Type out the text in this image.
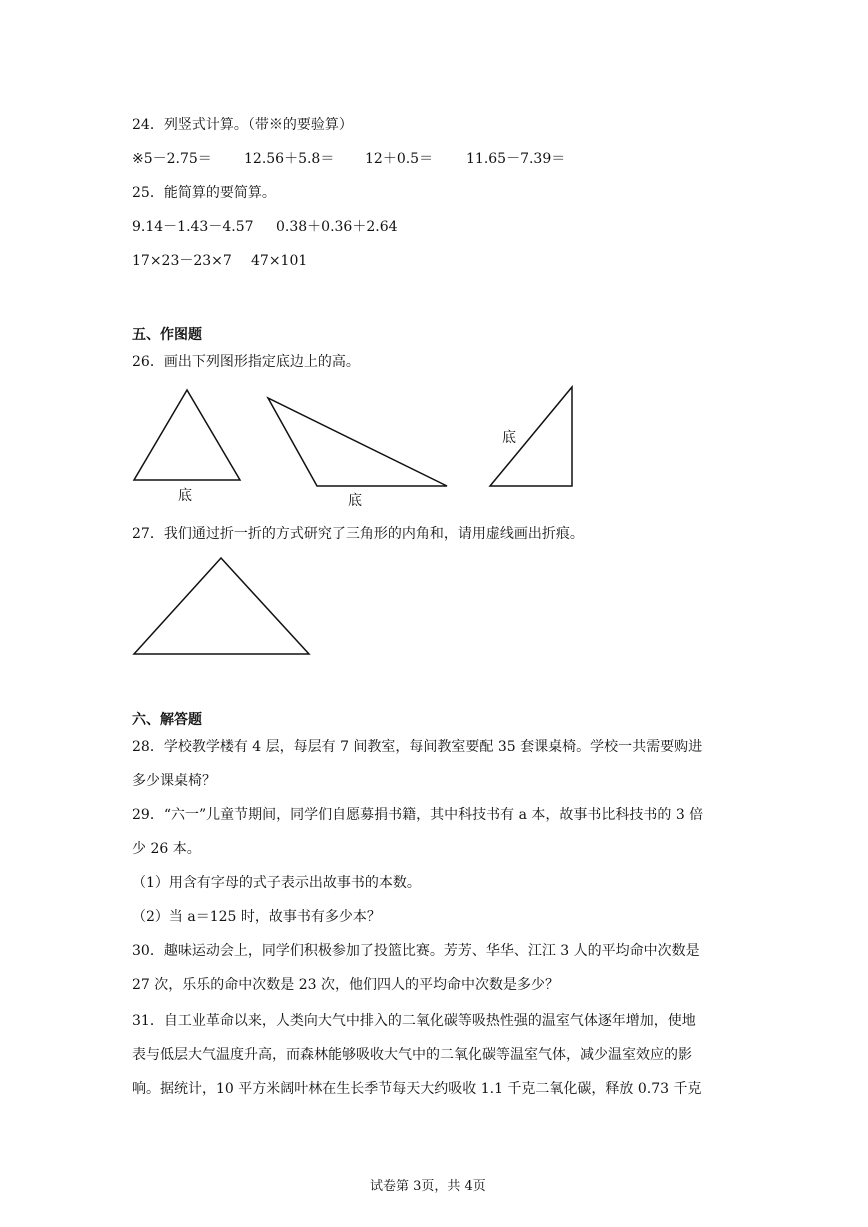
24．列竖式计算。（带※的要验算）
※5－2.75＝ 12.56＋5.8＝ 12＋0.5＝ 11.65－7.39＝
25．能简算的要简算。
9.14－1.43－4.57 0.38＋0.36＋2.64
17×23－23×7 47×101
五、作图题
26．画出下列图形指定底边上的高。
底	底
底
27．我们通过折一折的方式研究了三角形的内角和，请用虚线画出折痕。
六、解答题
28．学校教学楼有 4 层，每层有 7 间教室，每间教室要配 35 套课桌椅。学校一共需要购进
多少课桌椅？
29．“六一”儿童节期间，同学们自愿募捐书籍，其中科技书有 a 本，故事书比科技书的 3 倍
少 26 本。
（1）用含有字母的式子表示出故事书的本数。
（2）当 a＝125 时，故事书有多少本？
30．趣味运动会上，同学们积极参加了投篮比赛。芳芳、华华、江江 3 人的平均命中次数是
27 次，乐乐的命中次数是 23 次，他们四人的平均命中次数是多少？
31．自工业革命以来，人类向大气中排入的二氧化碳等吸热性强的温室气体逐年增加，使地
表与低层大气温度升高，而森林能够吸收大气中的二氧化碳等温室气体，减少温室效应的影
响。据统计，10 平方米阔叶林在生长季节每天大约吸收 1.1 千克二氧化碳，释放 0.73 千克
试卷第 3页，共 4页
